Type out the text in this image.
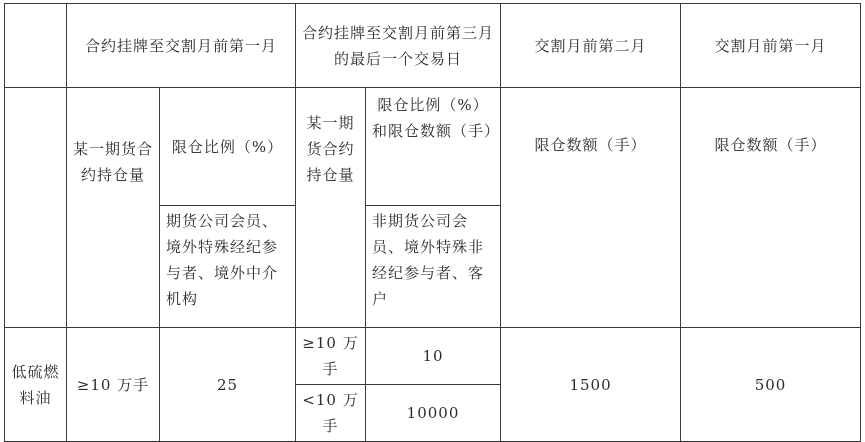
	合约挂牌至交割月前第一月		合约挂牌至交割月前第三月的最后一个交易日		交割月前第二月	交割月前第一月
	某一期货合约持仓量	限仓比例（%）	某一期货合约持仓量	限仓比例（%）和限仓数额（手）	限仓数额（手）	限仓数额（手）
		期货公司会员、境外特殊经纪参与者、境外中介机构		非期货公司会员、境外特殊非经纪参与者、客户		
低硫燃料油	≥10 万手	25	≥10 万手	10	1500	500
			<10 万手	10000		
